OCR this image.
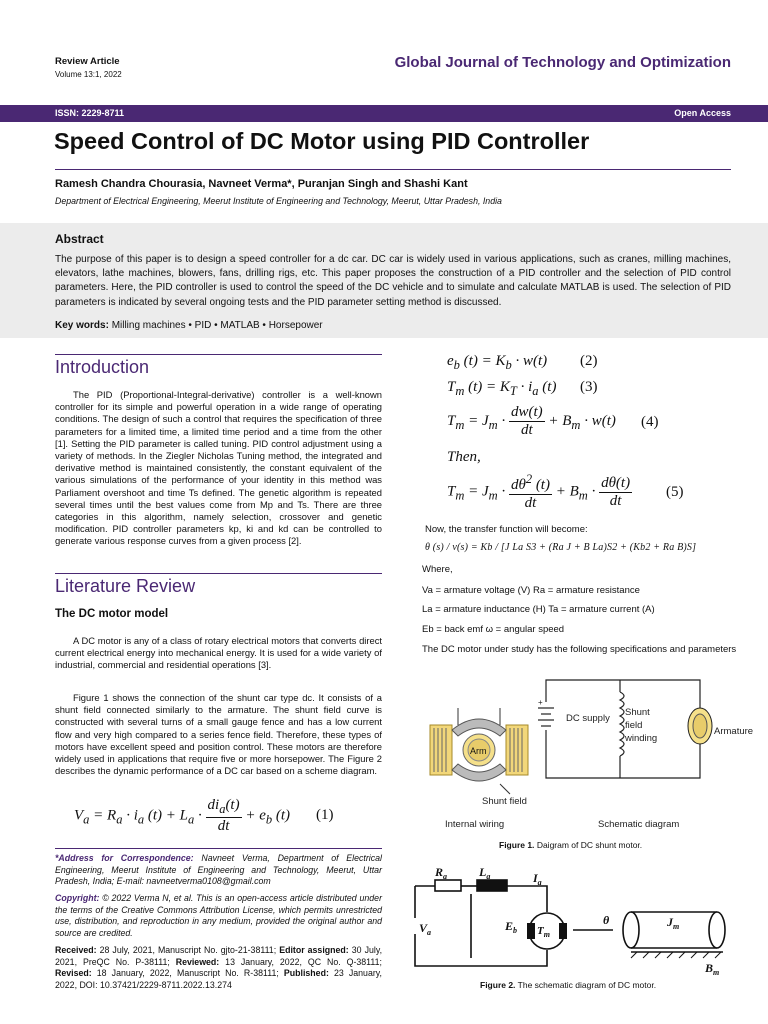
Review Article
Volume 13:1, 2022
Global Journal of Technology and Optimization
ISSN: 2229-8711	Open Access
Speed Control of DC Motor using PID Controller
Ramesh Chandra Chourasia, Navneet Verma*, Puranjan Singh and Shashi Kant
Department of Electrical Engineering, Meerut Institute of Engineering and Technology, Meerut, Uttar Pradesh, India
Abstract
The purpose of this paper is to design a speed controller for a dc car. DC car is widely used in various applications, such as cranes, milling machines, elevators, lathe machines, blowers, fans, drilling rigs, etc. This paper proposes the construction of a PID controller and the selection of PID control parameters. Here, the PID controller is used to control the speed of the DC vehicle and to simulate and calculate MATLAB is used. The selection of PID parameters is indicated by several ongoing tests and the PID parameter setting method is discussed.
Key words: Milling machines • PID • MATLAB • Horsepower
Introduction
The PID (Proportional-Integral-derivative) controller is a well-known controller for its simple and powerful operation in a wide range of operating conditions. The design of such a control that requires the specification of three parameters for a limited time, a limited time period and a time from the other [1]. Setting the PID parameter is called tuning. PID control adjustment using a variety of methods. In the Ziegler Nicholas Tuning method, the integrated and derivative method is maintained consistently, the constant equivalent of the various simulations of the performance of your identity in this method was Parliament overshoot and time Ts defined. The genetic algorithm is repeated several times until the best values come from Mp and Ts. There are three categories in this algorithm, namely selection, crossover and genetic modification. PID controller parameters kp, ki and kd can be controlled to generate various response curves from a given process [2].
Literature Review
The DC motor model
A DC motor is any of a class of rotary electrical motors that converts direct current electrical energy into mechanical energy. It is used for a wide variety of industrial, commercial and residential operations [3].
Figure 1 shows the connection of the shunt car type dc. It consists of a shunt field connected similarly to the armature. The shunt field curve is constructed with several turns of a small gauge fence and has a low current flow and very high compared to a series fence field. Therefore, these types of motors have excellent speed and position control. These motors are therefore widely used in applications that require five or more horsepower. The Figure 2 describes the dynamic performance of a DC car based on a scheme diagram.
$V_a = R_a \cdot i_a$ $(t) + L_a \cdot \frac{di_a(t)}{dt} + e_b$ (t) (1)
*Address for Correspondence: Navneet Verma, Department of Electrical Engineering, Meerut Institute of Engineering and Technology, Meerut, Uttar Pradesh, India; E-mail: navneetverma0108@gmail.com
Copyright: © 2022 Verma N, et al. This is an open-access article distributed under the terms of the Creative Commons Attribution License, which permits unrestricted use, distribution, and reproduction in any medium, provided the original author and source are credited.
Received: 28 July, 2021, Manuscript No. gjto-21-38111; Editor assigned: 30 July, 2021, PreQC No. P-38111; Reviewed: 13 January, 2022, QC No. Q-38111; Revised: 18 January, 2022, Manuscript No. R-38111; Published: 23 January, 2022, DOI: 10.37421/2229-8711.2022.13.274
$e_b$ $(t) = K_b \cdot w(t)$ (2)
$T_m$ $(t) = K_T \cdot i_a$ (t) (3)
$T_m = J_m \cdot \frac{dw(t)}{dt} + B_m \cdot w(t)$ (4)
Then,
$T_m = J_m \cdot \frac{d\theta^2 (t)}{dt} + B_m \cdot \frac{d\theta(t)}{dt} (5)$
Now, the transfer function will become:
θ (s) / v(s) = Kb / [J La S3 + (Ra J + B La)S2 + (Kb2 + Ra B)S]
Where,
Va = armature voltage (V) Ra = armature resistance
La = armature inductance (H) Ta = armature current (A)
Eb = back emf ω = angular speed
The DC motor under study has the following specifications and parameters
Arm
Shunt field
Internal wiring
+
DC supply
Shunt field winding
Armature
Schematic diagram
Figure 1. Daigram of DC shunt motor.
$R_a$	$L_a$	$I_a$
$V_a$	$E_b$ $T_m$
θ	$J_m$
$B_m$
Figure 2. The schematic diagram of DC motor.
